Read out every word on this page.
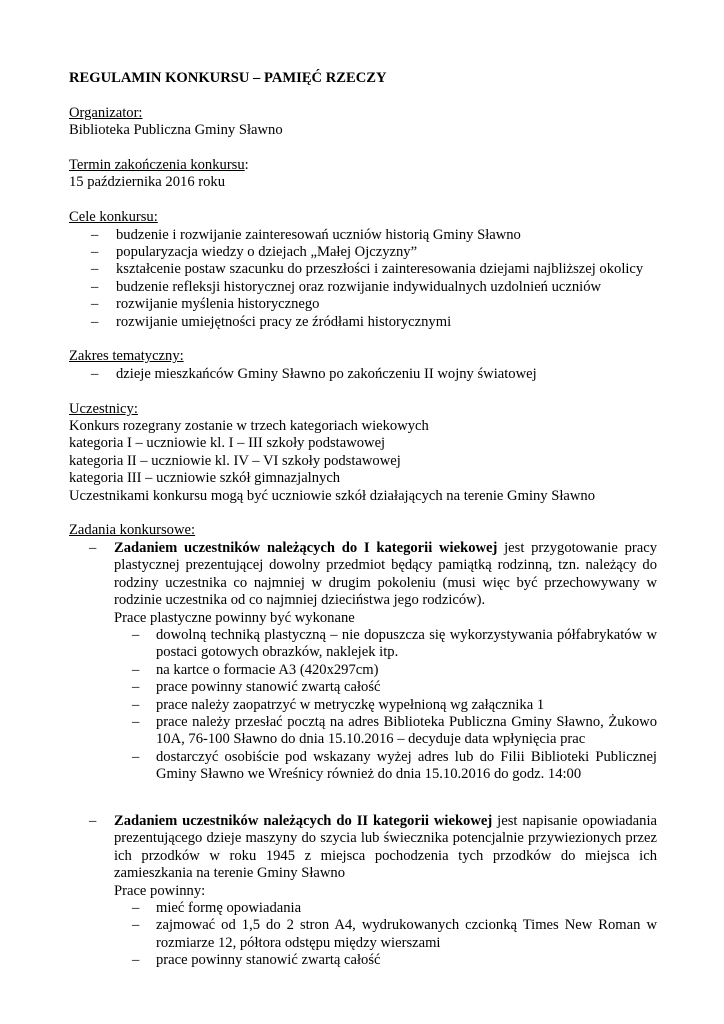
REGULAMIN KONKURSU – PAMIĘĆ RZECZY
Organizator:
Biblioteka Publiczna Gminy Sławno
Termin zakończenia konkursu:
15 października 2016 roku
Cele konkursu:
– budzenie i rozwijanie zainteresowań uczniów historią Gminy Sławno
– popularyzacja wiedzy o dziejach „Małej Ojczyzny”
– kształcenie postaw szacunku do przeszłości i zainteresowania dziejami najbliższej okolicy
– budzenie refleksji historycznej oraz rozwijanie indywidualnych uzdolnień uczniów
– rozwijanie myślenia historycznego
– rozwijanie umiejętności pracy ze źródłami historycznymi
Zakres tematyczny:
– dzieje mieszkańców Gminy Sławno po zakończeniu II wojny światowej
Uczestnicy:
Konkurs rozegrany zostanie w trzech kategoriach wiekowych
kategoria I – uczniowie kl. I – III szkoły podstawowej
kategoria II – uczniowie kl. IV – VI szkoły podstawowej
kategoria III – uczniowie szkół gimnazjalnych
Uczestnikami konkursu mogą być uczniowie szkół działających na terenie Gminy Sławno
Zadania konkursowe:
– Zadaniem uczestników należących do I kategorii wiekowej jest przygotowanie pracy plastycznej prezentującej dowolny przedmiot będący pamiątką rodzinną, tzn. należący do rodziny uczestnika co najmniej w drugim pokoleniu (musi więc być przechowywany w rodzinie uczestnika od co najmniej dzieciństwa jego rodziców).
Prace plastyczne powinny być wykonane
– dowolną techniką plastyczną – nie dopuszcza się wykorzystywania półfabrykatów w postaci gotowych obrazków, naklejek itp.
– na kartce o formacie A3 (420x297cm)
– prace powinny stanowić zwartą całość
– prace należy zaopatrzyć w metryczkę wypełnioną wg załącznika 1
– prace należy przesłać pocztą na adres Biblioteka Publiczna Gminy Sławno, Żukowo 10A, 76-100 Sławno do dnia 15.10.2016 – decyduje data wpłynięcia prac
– dostarczyć osobiście pod wskazany wyżej adres lub do Filii Biblioteki Publicznej Gminy Sławno we Wreśnicy również do dnia 15.10.2016 do godz. 14:00
– Zadaniem uczestników należących do II kategorii wiekowej jest napisanie opowiadania prezentującego dzieje maszyny do szycia lub świecznika potencjalnie przywiezionych przez ich przodków w roku 1945 z miejsca pochodzenia tych przodków do miejsca ich zamieszkania na terenie Gminy Sławno
Prace powinny:
– mieć formę opowiadania
– zajmować od 1,5 do 2 stron A4, wydrukowanych czcionką Times New Roman w rozmiarze 12, półtora odstępu między wierszami
– prace powinny stanowić zwartą całość
